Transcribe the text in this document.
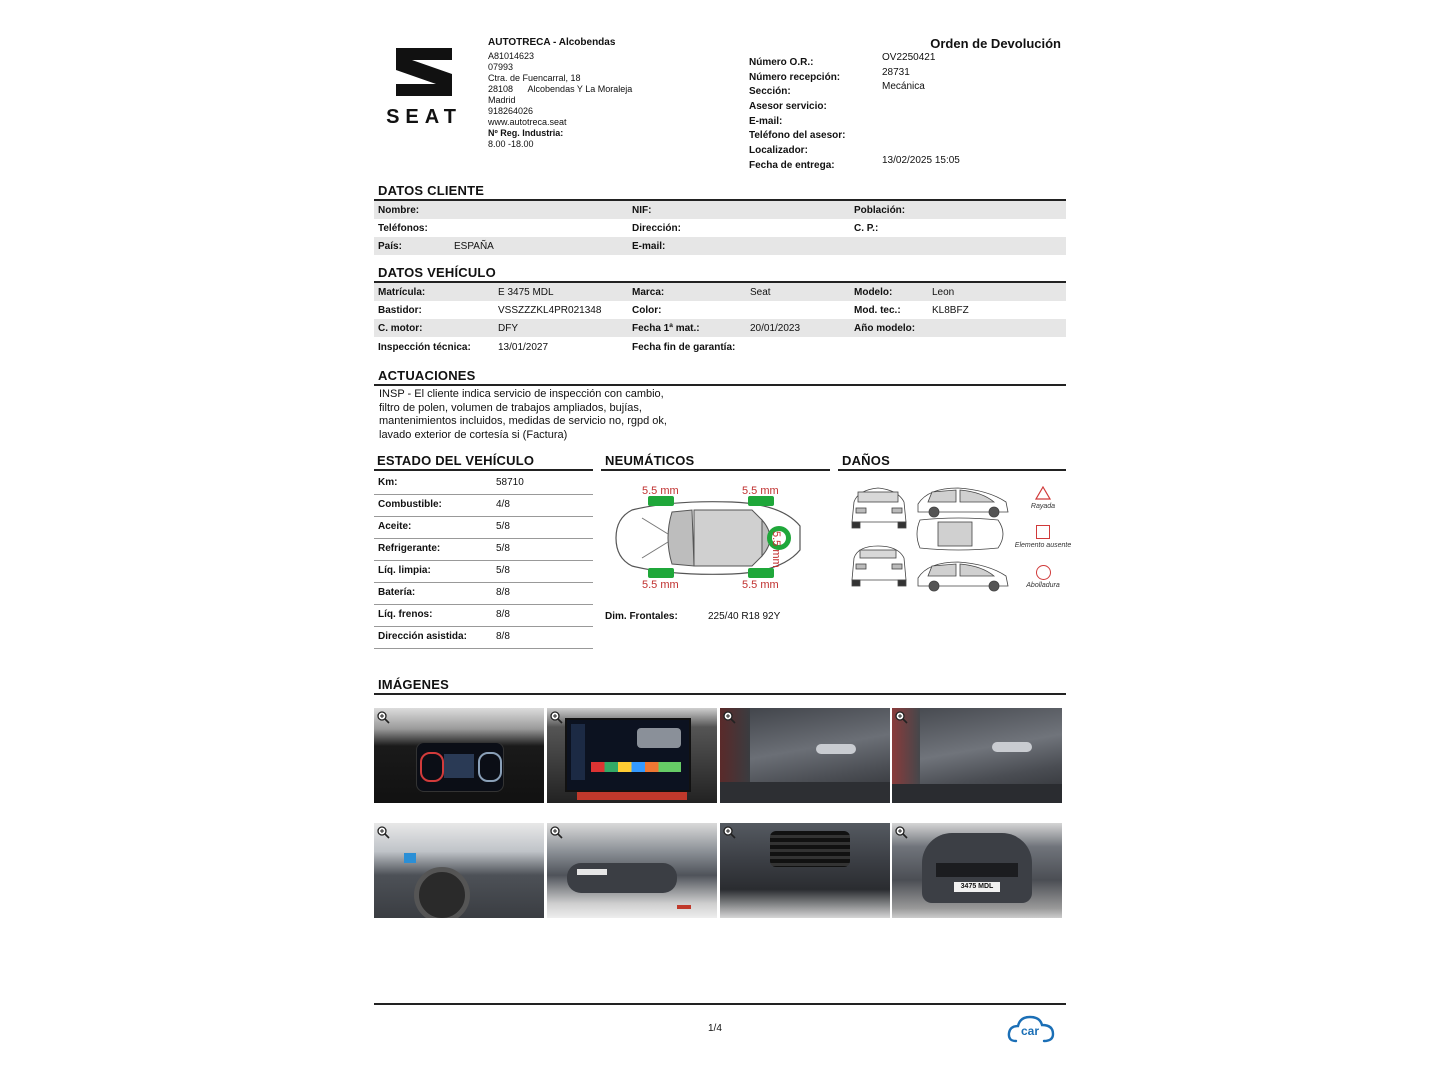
SEAT
AUTOTRECA - Alcobendas
A81014623
07993
Ctra. de Fuencarral, 18
28108      Alcobendas Y La Moraleja
Madrid
918264026
www.autotreca.seat
Nº Reg. Industria:
8.00 -18.00
Orden de Devolución
Número O.R.:	OV2250421
Número recepción:	28731
Sección:	Mecánica
Asesor servicio:
E-mail:
Teléfono del asesor:
Localizador:
Fecha de entrega:	13/02/2025 15:05
DATOS CLIENTE
Nombre:	NIF:	Población:
Teléfonos:	Dirección:	C. P.:
País:	ESPAÑA	E-mail:
DATOS VEHÍCULO
Matrícula:	E 3475 MDL	Marca:	Seat	Modelo:	Leon
Bastidor:	VSSZZZKL4PR021348	Color:	Mod. tec.:	KL8BFZ
C. motor:	DFY	Fecha 1ª mat.:	20/01/2023	Año modelo:
Inspección técnica:	13/01/2027	Fecha fin de garantía:
ACTUACIONES
INSP - El cliente indica servicio de inspección con cambio,
filtro de polen, volumen de trabajos ampliados, bujías,
mantenimientos incluidos, medidas de servicio no, rgpd ok,
lavado exterior de cortesía si (Factura)
ESTADO DEL VEHÍCULO
Km:	58710
Combustible:	4/8
Aceite:	5/8
Refrigerante:	5/8
Líq. limpia:	5/8
Batería:	8/8
Líq. frenos:	8/8
Dirección asistida:	8/8
NEUMÁTICOS
5.5 mm	5.5 mm
5.5 mm	5.5 mm
5.5 mm
Dim. Frontales:	225/40 R18 92Y
DAÑOS
Rayada
Elemento ausente
Abolladura
IMÁGENES
3475 MDL
1/4	car
